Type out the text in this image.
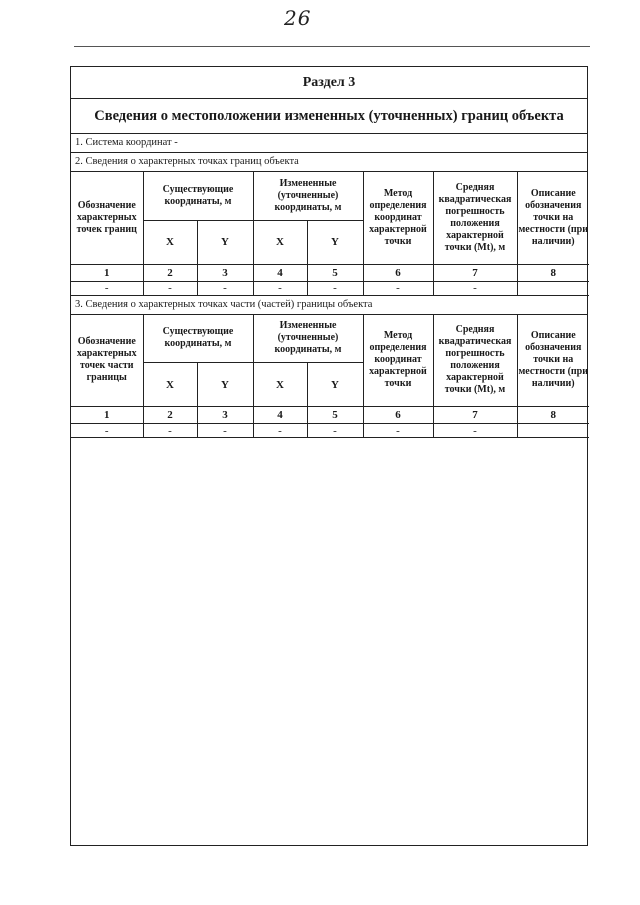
26
Раздел 3
Сведения о местоположении измененных (уточненных) границ объекта
1. Система координат -
2. Сведения о характерных точках границ объекта
Обозначение характерных точек границ	Существующие координаты, м		Измененные (уточненные) координаты, м		Метод определения координат характерной точки	Средняя квадратическая погрешность положения характерной точки (Mt), м	Описание обозначения точки на местности (при наличии)
	X	Y	X	Y			
1	2	3	4	5	6	7	8
-	-	-	-	-	-	-	
3. Сведения о характерных точках части (частей) границы объекта
Обозначение характерных точек части границы	Существующие координаты, м		Измененные (уточненные) координаты, м		Метод определения координат характерной точки	Средняя квадратическая погрешность положения характерной точки (Mt), м	Описание обозначения точки на местности (при наличии)
	X	Y	X	Y			
1	2	3	4	5	6	7	8
-	-	-	-	-	-	-	
